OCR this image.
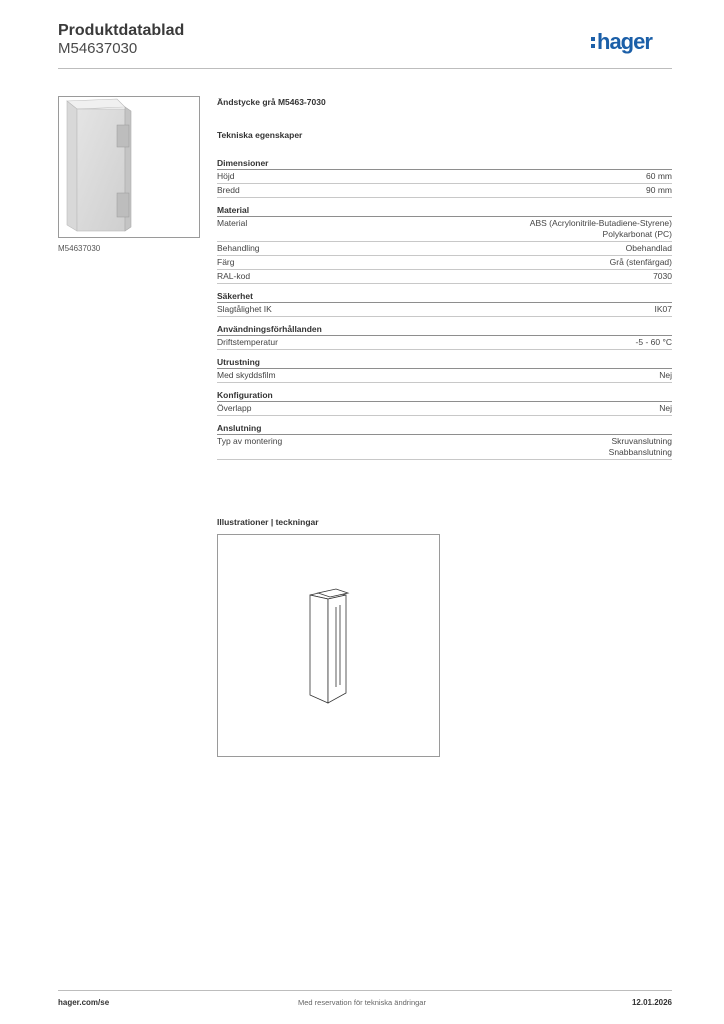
Produktdatablad
M54637030	hager
M54637030
Ändstycke grå M5463-7030
Tekniska egenskaper
Dimensioner
Höjd	60 mm
Bredd	90 mm
Material
Material	ABS (Acrylonitrile-Butadiene-Styrene)
Polykarbonat (PC)
Behandling	Obehandlad
Färg	Grå (stenfärgad)
RAL-kod	7030
Säkerhet
Slagtålighet IK	IK07
Användningsförhållanden
Driftstemperatur	-5 - 60 °C
Utrustning
Med skyddsfilm	Nej
Konfiguration
Överlapp	Nej
Anslutning
Typ av montering	Skruvanslutning
Snabbanslutning
Illustrationer | teckningar
hager.com/se	Med reservation för tekniska ändringar	12.01.2026
